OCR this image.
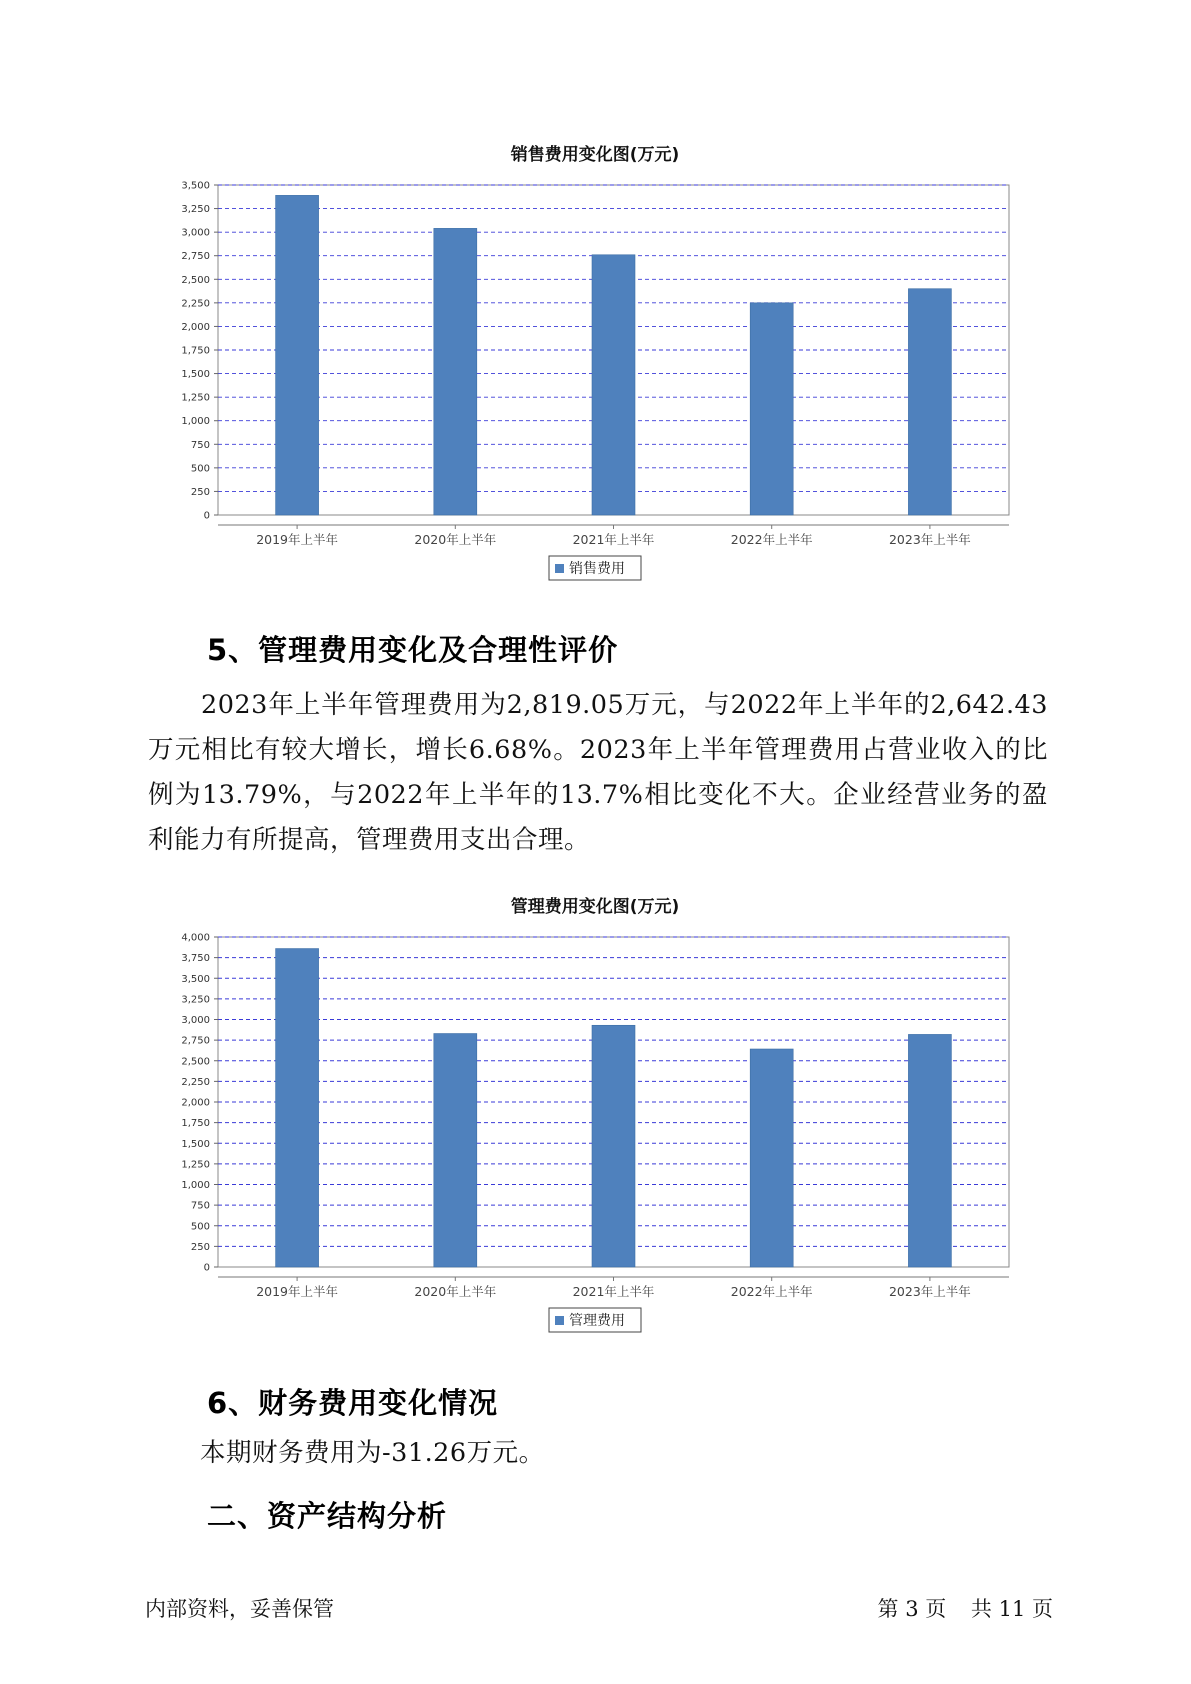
销售费用变化图(万元)
0
250
500
750
1,000
1,250
1,500
1,750
2,000
2,250
2,500
2,750
3,000
3,250
3,500
2019年上半年	2020年上半年	2021年上半年	2022年上半年	2023年上半年
销售费用
5、管理费用变化及合理性评价

　　2023年上半年管理费用为2,819.05万元，与2022年上半年的2,642.43万元相比有较大增长，增长6.68%。2023年上半年管理费用占营业收入的比例为13.79%，与2022年上半年的13.7%相比变化不大。企业经营业务的盈利能力有所提高，管理费用支出合理。

管理费用变化图(万元)
0
250
500
750
1,000
1,250
1,500
1,750
2,000
2,250
2,500
2,750
3,000
3,250
3,500
3,750
4,000
2019年上半年	2020年上半年	2021年上半年	2022年上半年	2023年上半年
管理费用
6、财务费用变化情况

　　本期财务费用为-31.26万元。

二、资产结构分析
内部资料，妥善保管	第 3 页 共 11 页
